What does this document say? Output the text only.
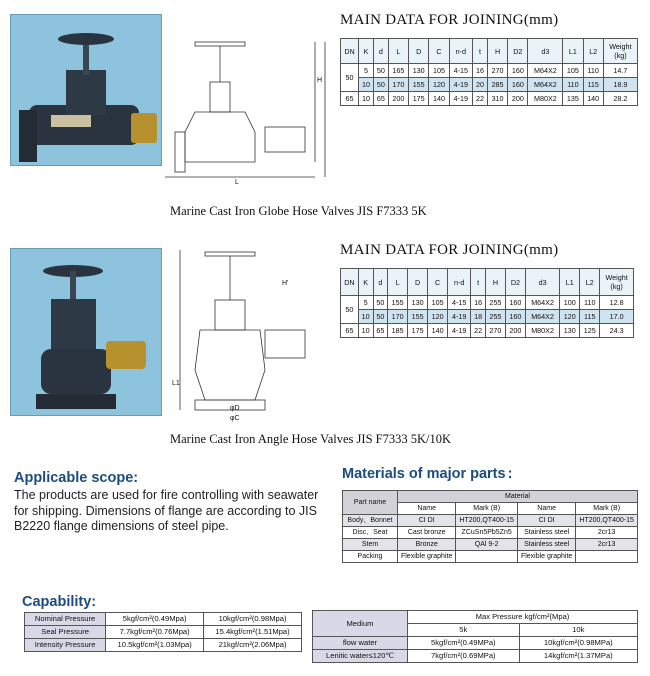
H
L
MAIN DATA FOR JOINING(mm)
DN	K	d	L	D	C	n-d	t	H	D2	d3	L1	L2	Weight
(kg)
50	5	50	165	130	105	4-15	16	270	160	M64X2	105	110	14.7
	10	50	170	155	120	4-19	20	285	160	M64X2	110	115	18.9
65	10	65	200	175	140	4-19	22	310	200	M80X2	135	140	28.2
Marine Cast Iron Globe Hose Valves JIS F7333 5K
H'
L1
φD
φC
MAIN DATA FOR JOINING(mm)
DN	K	d	L	D	C	n-d	t	H	D2	d3	L1	L2	Weight
(kg)
50	5	50	155	130	105	4-15	16	255	160	M64X2	100	110	12.8
	10	50	170	155	120	4-19	18	255	160	M64X2	120	115	17.0
65	10	65	185	175	140	4-19	22	270	200	M80X2	130	125	24.3
Marine Cast Iron Angle Hose Valves JIS F7333 5K/10K
Applicable scope:
The products are used for fire controlling with seawater for shipping. Dimensions of flange are according to JIS B2220 flange dimensions of steel pipe.
Materials of major parts :
Part name	Material			
	Name	Mark (B)	Name	Mark (B)
Body、Bonnet	CI DI	HT200,QT400-15	CI DI	HT200,QT400-15
Disc、Seat	Cast bronze	ZCuSn5Pb5Zn5	Stainless steel	2cr13
Stem	Bronze	QAl 9-2	Stainless steel	2cr13
Packing	Flexible graphite		Flexible graphite	
Capability:
Nominal Pressure	5kgf/cm²(0.49Mpa)	10kgf/cm²(0.98Mpa)
Seal Pressure	7.7kgf/cm²(0.76Mpa)	15.4kgf/cm²(1.51Mpa)
Intensity Pressure	10.5kgf/cm²(1.03Mpa)	21kgf/cm²(2.06Mpa)
Medium	Max Pressure kgf/cm²(Mpa)	
	5k	10k
flow water	5kgf/cm²(0.49MPa)	10kgf/cm²(0.98MPa)
Lenitic water≤120℃	7kgf/cm²(0.69MPa)	14kgf/cm²(1.37MPa)
